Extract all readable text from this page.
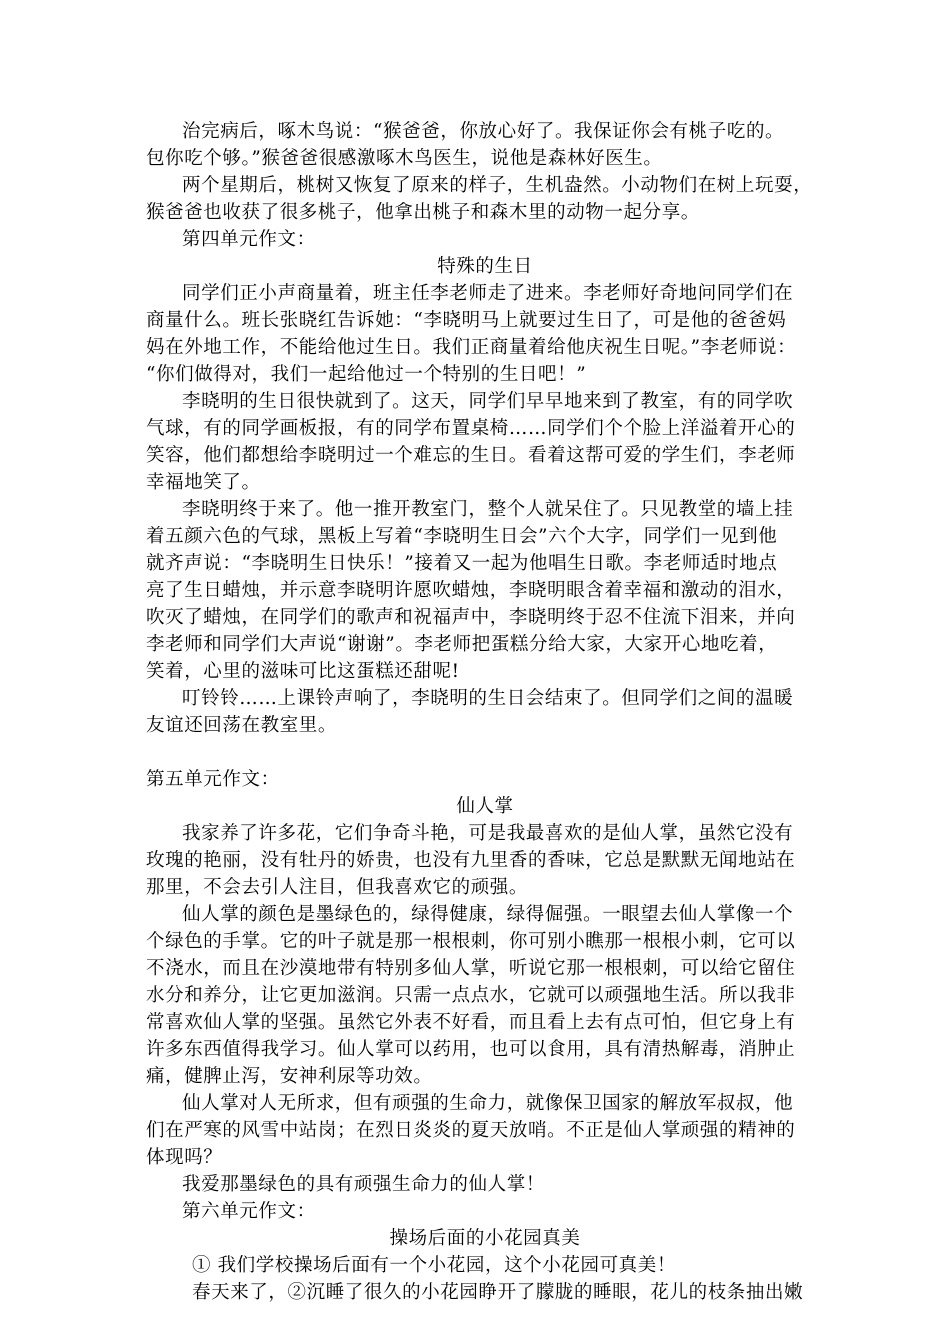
治完病后，啄木鸟说：“猴爸爸，你放心好了。我保证你会有桃子吃的。
包你吃个够。”猴爸爸很感激啄木鸟医生，说他是森林好医生。
两个星期后，桃树又恢复了原来的样子，生机盎然。小动物们在树上玩耍，
猴爸爸也收获了很多桃子，他拿出桃子和森木里的动物一起分享。
第四单元作文：
特殊的生日
同学们正小声商量着，班主任李老师走了进来。李老师好奇地问同学们在
商量什么。班长张晓红告诉她：“李晓明马上就要过生日了，可是他的爸爸妈
妈在外地工作，不能给他过生日。我们正商量着给他庆祝生日呢。”李老师说：
“你们做得对，我们一起给他过一个特别的生日吧！”
李晓明的生日很快就到了。这天，同学们早早地来到了教室，有的同学吹
气球，有的同学画板报，有的同学布置桌椅……同学们个个脸上洋溢着开心的
笑容，他们都想给李晓明过一个难忘的生日。看着这帮可爱的学生们，李老师
幸福地笑了。
李晓明终于来了。他一推开教室门，整个人就呆住了。只见教堂的墙上挂
着五颜六色的气球，黑板上写着“李晓明生日会”六个大字，同学们一见到他
就齐声说：“李晓明生日快乐！”接着又一起为他唱生日歌。李老师适时地点
亮了生日蜡烛，并示意李晓明许愿吹蜡烛，李晓明眼含着幸福和激动的泪水，
吹灭了蜡烛，在同学们的歌声和祝福声中，李晓明终于忍不住流下泪来，并向
李老师和同学们大声说“谢谢”。李老师把蛋糕分给大家，大家开心地吃着，
笑着，心里的滋味可比这蛋糕还甜呢!
叮铃铃……上课铃声响了，李晓明的生日会结束了。但同学们之间的温暖
友谊还回荡在教室里。
第五单元作文：
仙人掌
我家养了许多花，它们争奇斗艳，可是我最喜欢的是仙人掌，虽然它没有
玫瑰的艳丽，没有牡丹的娇贵，也没有九里香的香味，它总是默默无闻地站在
那里，不会去引人注目，但我喜欢它的顽强。
仙人掌的颜色是墨绿色的，绿得健康，绿得倔强。一眼望去仙人掌像一个
个绿色的手掌。它的叶子就是那一根根刺，你可别小瞧那一根根小刺，它可以
不浇水，而且在沙漠地带有特别多仙人掌，听说它那一根根刺，可以给它留住
水分和养分，让它更加滋润。只需一点点水，它就可以顽强地生活。所以我非
常喜欢仙人掌的坚强。虽然它外表不好看，而且看上去有点可怕，但它身上有
许多东西值得我学习。仙人掌可以药用，也可以食用，具有清热解毒，消肿止
痛，健脾止泻，安神利尿等功效。
仙人掌对人无所求，但有顽强的生命力，就像保卫国家的解放军叔叔，他
们在严寒的风雪中站岗；在烈日炎炎的夏天放哨。不正是仙人掌顽强的精神的
体现吗？
我爱那墨绿色的具有顽强生命力的仙人掌！
第六单元作文：
操场后面的小花园真美
① 我们学校操场后面有一个小花园，这个小花园可真美！
春天来了，②沉睡了很久的小花园睁开了朦胧的睡眼，花儿的枝条抽出嫩
